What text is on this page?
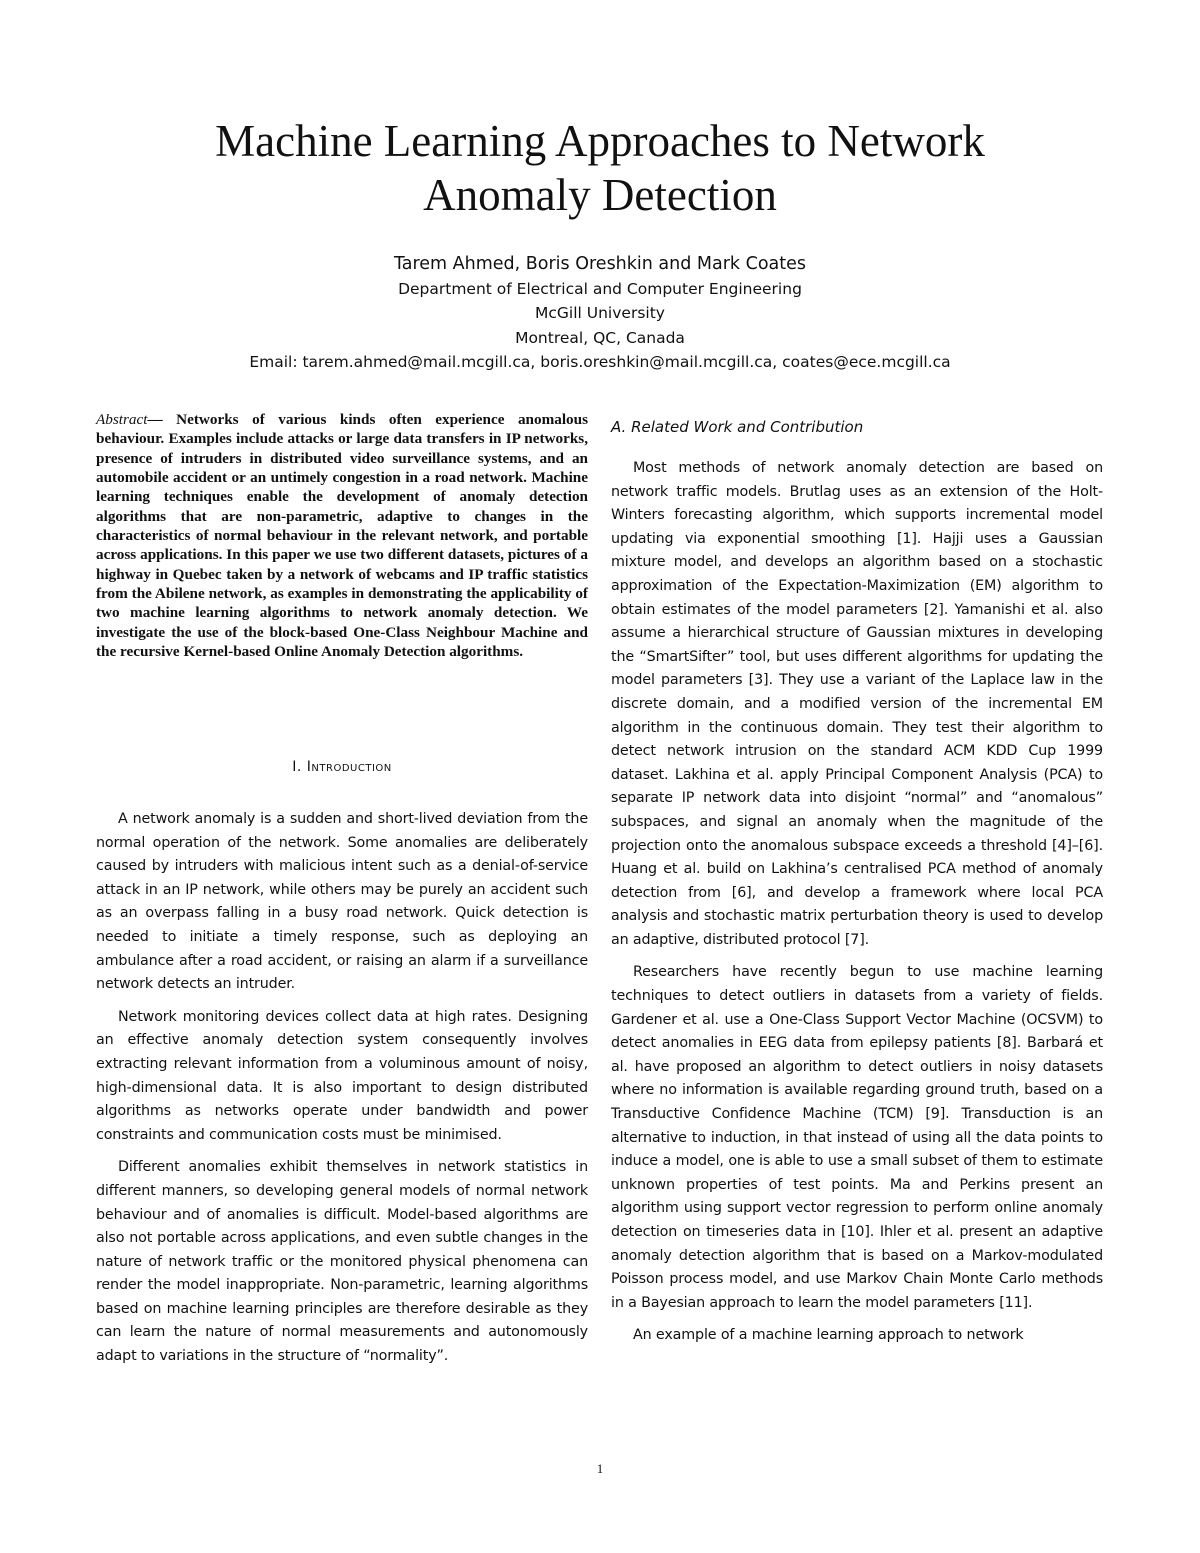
Machine Learning Approaches to Network
Anomaly Detection
Tarem Ahmed, Boris Oreshkin and Mark Coates
Department of Electrical and Computer Engineering
McGill University
Montreal, QC, Canada
Email: tarem.ahmed@mail.mcgill.ca, boris.oreshkin@mail.mcgill.ca, coates@ece.mcgill.ca

Abstract— Networks of various kinds often experience anomalous behaviour. Examples include attacks or large data transfers in IP networks, presence of intruders in distributed video surveillance systems, and an automobile accident or an untimely congestion in a road network. Machine learning techniques enable the development of anomaly detection algorithms that are non-parametric, adaptive to changes in the characteristics of normal behaviour in the relevant network, and portable across applications. In this paper we use two different datasets, pictures of a highway in Quebec taken by a network of webcams and IP traffic statistics from the Abilene network, as examples in demonstrating the applicability of two machine learning algorithms to network anomaly detection. We investigate the use of the block-based One-Class Neighbour Machine and the recursive Kernel-based Online Anomaly Detection algorithms.

I. Introduction

A network anomaly is a sudden and short-lived deviation from the normal operation of the network. Some anomalies are deliberately caused by intruders with malicious intent such as a denial-of-service attack in an IP network, while others may be purely an accident such as an overpass falling in a busy road network. Quick detection is needed to initiate a timely response, such as deploying an ambulance after a road accident, or raising an alarm if a surveillance network detects an intruder.

Network monitoring devices collect data at high rates. Designing an effective anomaly detection system consequently involves extracting relevant information from a voluminous amount of noisy, high-dimensional data. It is also important to design distributed algorithms as networks operate under bandwidth and power constraints and communication costs must be minimised.

Different anomalies exhibit themselves in network statistics in different manners, so developing general models of normal network behaviour and of anomalies is difficult. Model-based algorithms are also not portable across applications, and even subtle changes in the nature of network traffic or the monitored physical phenomena can render the model inappropriate. Non-parametric, learning algorithms based on machine learning principles are therefore desirable as they can learn the nature of normal measurements and autonomously adapt to variations in the structure of “normality”.

A. Related Work and Contribution

Most methods of network anomaly detection are based on network traffic models. Brutlag uses as an extension of the Holt-Winters forecasting algorithm, which supports incremental model updating via exponential smoothing [1]. Hajji uses a Gaussian mixture model, and develops an algorithm based on a stochastic approximation of the Expectation-Maximization (EM) algorithm to obtain estimates of the model parameters [2]. Yamanishi et al. also assume a hierarchical structure of Gaussian mixtures in developing the “SmartSifter” tool, but uses different algorithms for updating the model parameters [3]. They use a variant of the Laplace law in the discrete domain, and a modified version of the incremental EM algorithm in the continuous domain. They test their algorithm to detect network intrusion on the standard ACM KDD Cup 1999 dataset. Lakhina et al. apply Principal Component Analysis (PCA) to separate IP network data into disjoint “normal” and “anomalous” subspaces, and signal an anomaly when the magnitude of the projection onto the anomalous subspace exceeds a threshold [4]–[6]. Huang et al. build on Lakhina’s centralised PCA method of anomaly detection from [6], and develop a framework where local PCA analysis and stochastic matrix perturbation theory is used to develop an adaptive, distributed protocol [7].

Researchers have recently begun to use machine learning techniques to detect outliers in datasets from a variety of fields. Gardener et al. use a One-Class Support Vector Machine (OCSVM) to detect anomalies in EEG data from epilepsy patients [8]. Barbará et al. have proposed an algorithm to detect outliers in noisy datasets where no information is available regarding ground truth, based on a Transductive Confidence Machine (TCM) [9]. Transduction is an alternative to induction, in that instead of using all the data points to induce a model, one is able to use a small subset of them to estimate unknown properties of test points. Ma and Perkins present an algorithm using support vector regression to perform online anomaly detection on timeseries data in [10]. Ihler et al. present an adaptive anomaly detection algorithm that is based on a Markov-modulated Poisson process model, and use Markov Chain Monte Carlo methods in a Bayesian approach to learn the model parameters [11].

An example of a machine learning approach to network

1
